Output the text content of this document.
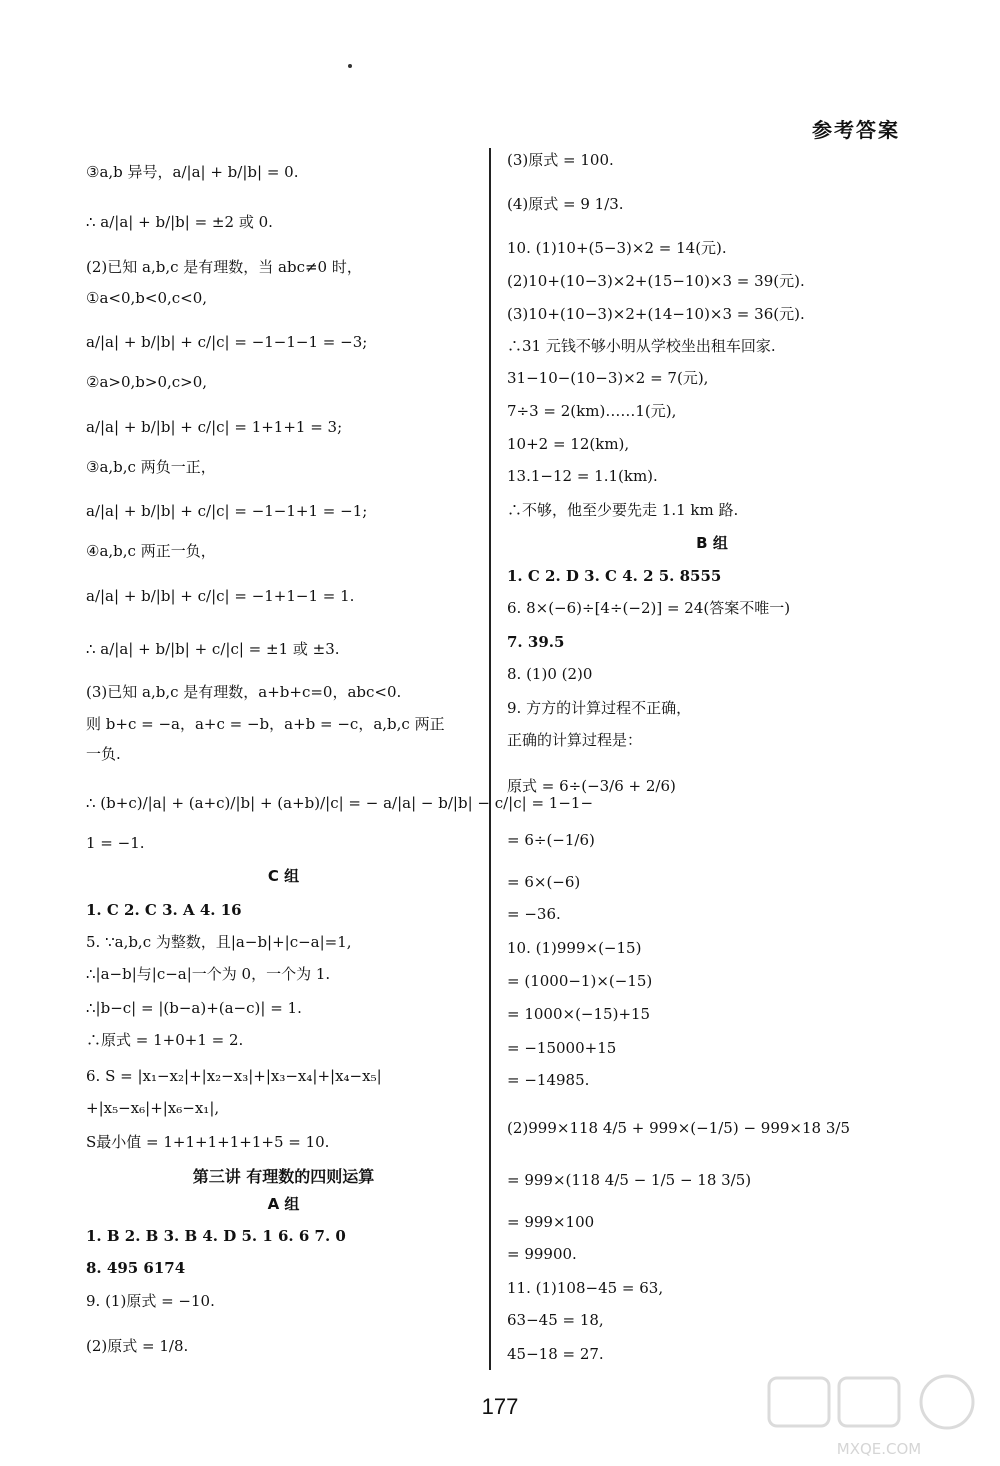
参考答案
③a,b 异号，a/|a| + b/|b| = 0.
∴ a/|a| + b/|b| = ±2 或 0.
(2)已知 a,b,c 是有理数，当 abc≠0 时，
①a<0,b<0,c<0,
a/|a| + b/|b| + c/|c| = −1−1−1 = −3;
②a>0,b>0,c>0,
a/|a| + b/|b| + c/|c| = 1+1+1 = 3;
③a,b,c 两负一正，
a/|a| + b/|b| + c/|c| = −1−1+1 = −1;
④a,b,c 两正一负，
a/|a| + b/|b| + c/|c| = −1+1−1 = 1.
∴ a/|a| + b/|b| + c/|c| = ±1 或 ±3.
(3)已知 a,b,c 是有理数，a+b+c=0，abc<0.
则 b+c = −a，a+c = −b，a+b = −c，a,b,c 两正
一负.
∴ (b+c)/|a| + (a+c)/|b| + (a+b)/|c| = − a/|a| − b/|b| − c/|c| = 1−1−
1 = −1.
C 组
1. C 2. C 3. A 4. 16
5. ∵a,b,c 为整数，且|a−b|+|c−a|=1,
∴|a−b|与|c−a|一个为 0，一个为 1.
∴|b−c| = |(b−a)+(a−c)| = 1.
∴原式 = 1+0+1 = 2.
6. S = |x₁−x₂|+|x₂−x₃|+|x₃−x₄|+|x₄−x₅|
+|x₅−x₆|+|x₆−x₁|,
S最小值 = 1+1+1+1+1+5 = 10.
第三讲 有理数的四则运算
A 组
1. B 2. B 3. B 4. D 5. 1 6. 6 7. 0
8. 495 6174
9. (1)原式 = −10.
(2)原式 = 1/8.
(3)原式 = 100.
(4)原式 = 9 1/3.
10. (1)10+(5−3)×2 = 14(元).
(2)10+(10−3)×2+(15−10)×3 = 39(元).
(3)10+(10−3)×2+(14−10)×3 = 36(元).
∴31 元钱不够小明从学校坐出租车回家.
31−10−(10−3)×2 = 7(元),
7÷3 = 2(km)……1(元),
10+2 = 12(km),
13.1−12 = 1.1(km).
∴不够，他至少要先走 1.1 km 路.
B 组
1. C 2. D 3. C 4. 2 5. 8555
6. 8×(−6)÷[4÷(−2)] = 24(答案不唯一)
7. 39.5
8. (1)0 (2)0
9. 方方的计算过程不正确，
正确的计算过程是：
原式 = 6÷(−3/6 + 2/6)
= 6÷(−1/6)
= 6×(−6)
= −36.
10. (1)999×(−15)
= (1000−1)×(−15)
= 1000×(−15)+15
= −15000+15
= −14985.
(2)999×118 4/5 + 999×(−1/5) − 999×18 3/5
= 999×(118 4/5 − 1/5 − 18 3/5)
= 999×100
= 99900.
11. (1)108−45 = 63,
63−45 = 18,
45−18 = 27.
177
MXQE.COM
